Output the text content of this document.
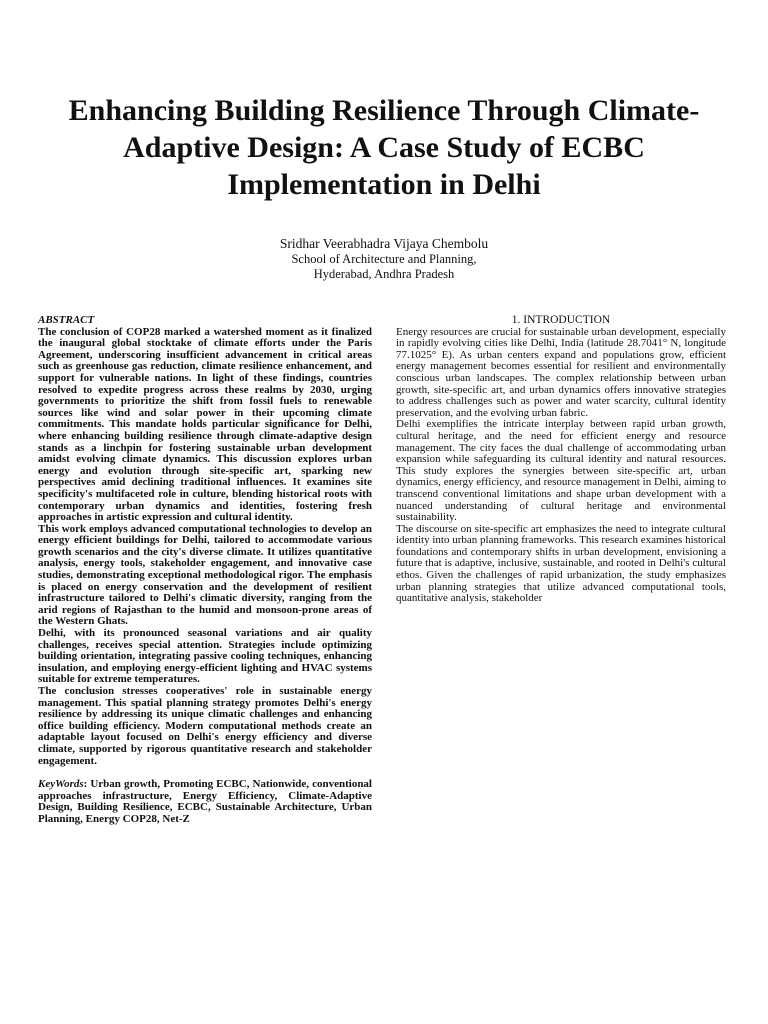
Enhancing Building Resilience Through Climate-Adaptive Design: A Case Study of ECBC Implementation in Delhi
Sridhar Veerabhadra Vijaya Chembolu
School of Architecture and Planning,
Hyderabad, Andhra Pradesh

ABSTRACT

The conclusion of COP28 marked a watershed moment as it finalized the inaugural global stocktake of climate efforts under the Paris Agreement, underscoring insufficient advancement in critical areas such as greenhouse gas reduction, climate resilience enhancement, and support for vulnerable nations. In light of these findings, countries resolved to expedite progress across these realms by 2030, urging governments to prioritize the shift from fossil fuels to renewable sources like wind and solar power in their upcoming climate commitments. This mandate holds particular significance for Delhi, where enhancing building resilience through climate-adaptive design stands as a linchpin for fostering sustainable urban development amidst evolving climate dynamics. This discussion explores urban energy and evolution through site-specific art, sparking new perspectives amid declining traditional influences. It examines site specificity's multifaceted role in culture, blending historical roots with contemporary urban dynamics and identities, fostering fresh approaches in artistic expression and cultural identity.

This work employs advanced computational technologies to develop an energy efficient buildings for Delhi, tailored to accommodate various growth scenarios and the city's diverse climate. It utilizes quantitative analysis, energy tools, stakeholder engagement, and innovative case studies, demonstrating exceptional methodological rigor. The emphasis is placed on energy conservation and the development of resilient infrastructure tailored to Delhi's climatic diversity, ranging from the arid regions of Rajasthan to the humid and monsoon-prone areas of the Western Ghats.

Delhi, with its pronounced seasonal variations and air quality challenges, receives special attention. Strategies include optimizing building orientation, integrating passive cooling techniques, enhancing insulation, and employing energy-efficient lighting and HVAC systems suitable for extreme temperatures.

The conclusion stresses cooperatives' role in sustainable energy management. This spatial planning strategy promotes Delhi's energy resilience by addressing its unique climatic challenges and enhancing office building efficiency. Modern computational methods create an adaptable layout focused on Delhi's energy efficiency and diverse climate, supported by rigorous quantitative research and stakeholder engagement.

KeyWords: Urban growth, Promoting ECBC, Nationwide, conventional approaches infrastructure, Energy Efficiency, Climate-Adaptive Design, Building Resilience, ECBC, Sustainable Architecture, Urban Planning, Energy COP28, Net-Z

1. INTRODUCTION

Energy resources are crucial for sustainable urban development, especially in rapidly evolving cities like Delhi, India (latitude 28.7041° N, longitude 77.1025° E). As urban centers expand and populations grow, efficient energy management becomes essential for resilient and environmentally conscious urban landscapes. The complex relationship between urban growth, site-specific art, and urban dynamics offers innovative strategies to address challenges such as power and water scarcity, cultural identity preservation, and the evolving urban fabric.

Delhi exemplifies the intricate interplay between rapid urban growth, cultural heritage, and the need for efficient energy and resource management. The city faces the dual challenge of accommodating urban expansion while safeguarding its cultural identity and natural resources. This study explores the synergies between site-specific art, urban dynamics, energy efficiency, and resource management in Delhi, aiming to transcend conventional limitations and shape urban development with a nuanced understanding of cultural heritage and environmental sustainability.

The discourse on site-specific art emphasizes the need to integrate cultural identity into urban planning frameworks. This research examines historical foundations and contemporary shifts in urban development, envisioning a future that is adaptive, inclusive, sustainable, and rooted in Delhi's cultural ethos. Given the challenges of rapid urbanization, the study emphasizes urban planning strategies that utilize advanced computational tools, quantitative analysis, stakeholder
